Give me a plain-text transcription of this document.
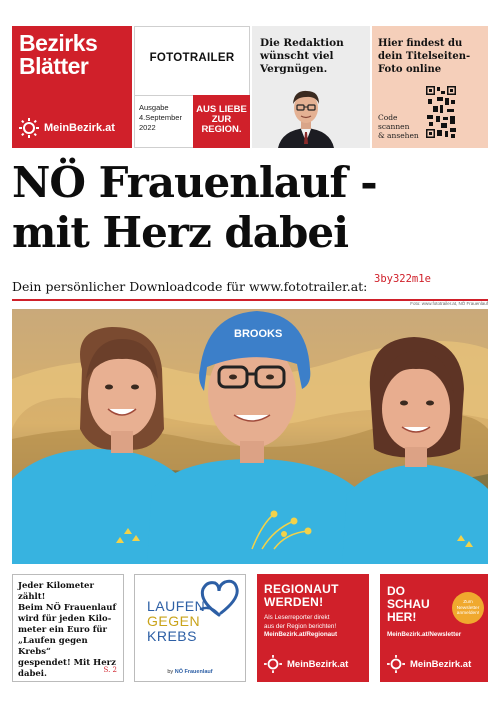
Bezirks
Blätter
MeinBezirk.at
FOTOTRAILER
Ausgabe
4.September
2022
AUS LIEBE
ZUR
REGION.
Die Redaktion
wünscht viel
Vergnügen.
Hier findest du
dein Titelseiten-
Foto online
Code
scannen
& ansehen
NÖ Frauenlauf -
mit Herz dabei
Dein persönlicher Downloadcode für www.fototrailer.at: 3by322m1e
Foto: www.fototrailer.at, NÖ Frauenlauf
BROOKS
Jeder Kilometer zählt!
Beim NÖ Frauenlauf
wird für jeden Kilo-
meter ein Euro für
„Laufen gegen Krebs“
gespendet! Mit Herz
dabei.	S. 2
LAUFEN
GEGEN
KREBS
by NÖ Frauenlauf
REGIONAUT
WERDEN!
Als Leserreporter direkt
aus der Region berichten!
MeinBezirk.at/Regionaut
MeinBezirk.at
DO
SCHAU
HER!
Zum
Newsletter
anmelden!
MeinBezirk.at/Newsletter
MeinBezirk.at
